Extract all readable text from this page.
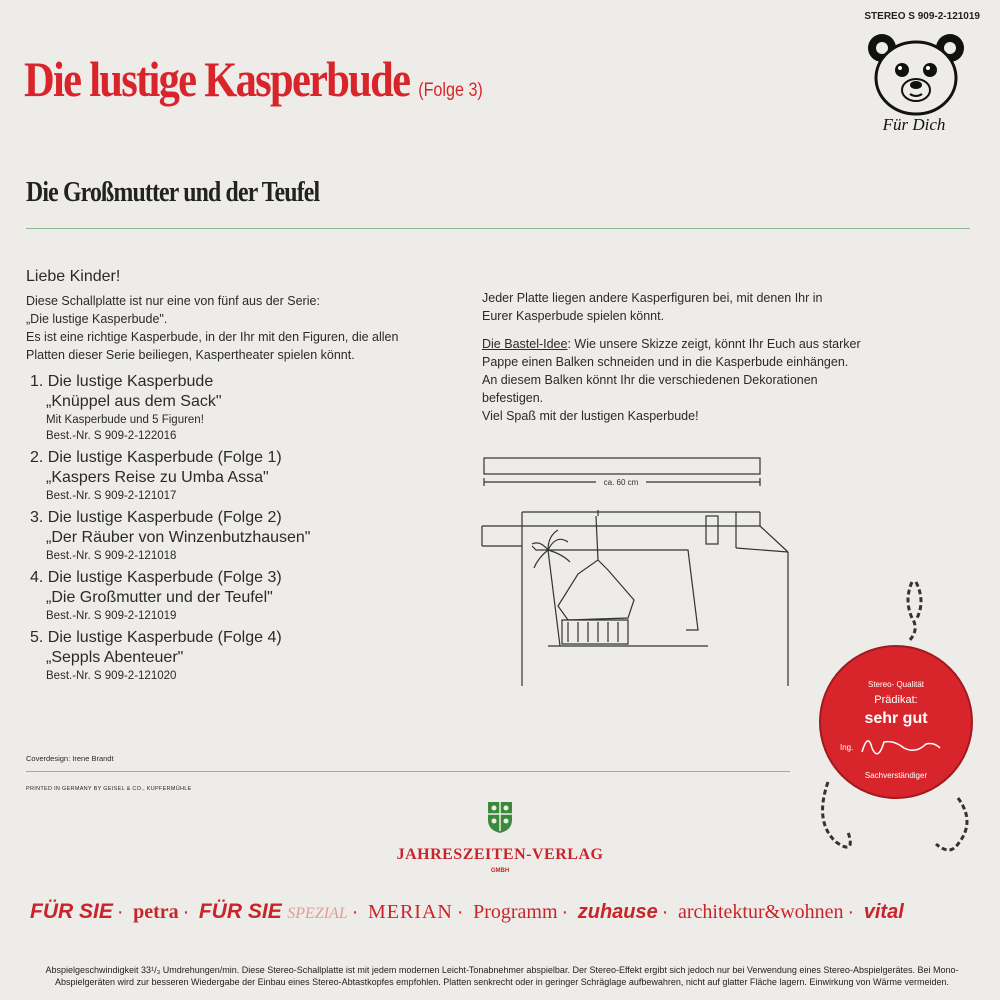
Die lustige Kasperbude (Folge 3)
STEREO S 909-2-121019
Für Dich
Die Großmutter und der Teufel
Liebe Kinder!
Diese Schallplatte ist nur eine von fünf aus der Serie:
„Die lustige Kasperbude".
Es ist eine richtige Kasperbude, in der Ihr mit den Figuren, die allen
Platten dieser Serie beiliegen, Kaspertheater spielen könnt.
1. Die lustige Kasperbude
„Knüppel aus dem Sack"
Mit Kasperbude und 5 Figuren!
Best.-Nr. S 909-2-122016
2. Die lustige Kasperbude (Folge 1)
„Kaspers Reise zu Umba Assa"
Best.-Nr. S 909-2-121017
3. Die lustige Kasperbude (Folge 2)
„Der Räuber von Winzenbutzhausen"
Best.-Nr. S 909-2-121018
4. Die lustige Kasperbude (Folge 3)
„Die Großmutter und der Teufel"
Best.-Nr. S 909-2-121019
5. Die lustige Kasperbude (Folge 4)
„Seppls Abenteuer"
Best.-Nr. S 909-2-121020
Jeder Platte liegen andere Kasperfiguren bei, mit denen Ihr in
Eurer Kasperbude spielen könnt.
Die Bastel-Idee: Wie unsere Skizze zeigt, könnt Ihr Euch aus starker
Pappe einen Balken schneiden und in die Kasperbude einhängen.
An diesem Balken könnt Ihr die verschiedenen Dekorationen
befestigen.
Viel Spaß mit der lustigen Kasperbude!
ca. 60 cm
Stereo- Qualität
Prädikat:
sehr gut
Ing.
Sachverständiger
Coverdesign: Irene Brandt
PRINTED IN GERMANY BY GEISEL & CO., KUPFERMÜHLE
JAHRESZEITEN-VERLAG
GMBH
FÜR SIE · petra · FÜR SIE SPEZIAL · MERIAN · Programm · zuhause · architektur&wohnen · vital
Abspielgeschwindigkeit 33¹/₃ Umdrehungen/min. Diese Stereo-Schallplatte ist mit jedem modernen Leicht-Tonabnehmer abspielbar. Der Stereo-Effekt ergibt sich jedoch nur bei Verwendung eines Stereo-Abspielgerätes. Bei Mono-Abspielgeräten wird zur besseren Wiedergabe der Einbau eines Stereo-Abtastkopfes empfohlen. Platten senkrecht oder in geringer Schräglage aufbewahren, nicht auf glatter Fläche lagern. Einwirkung von Wärme vermeiden.
